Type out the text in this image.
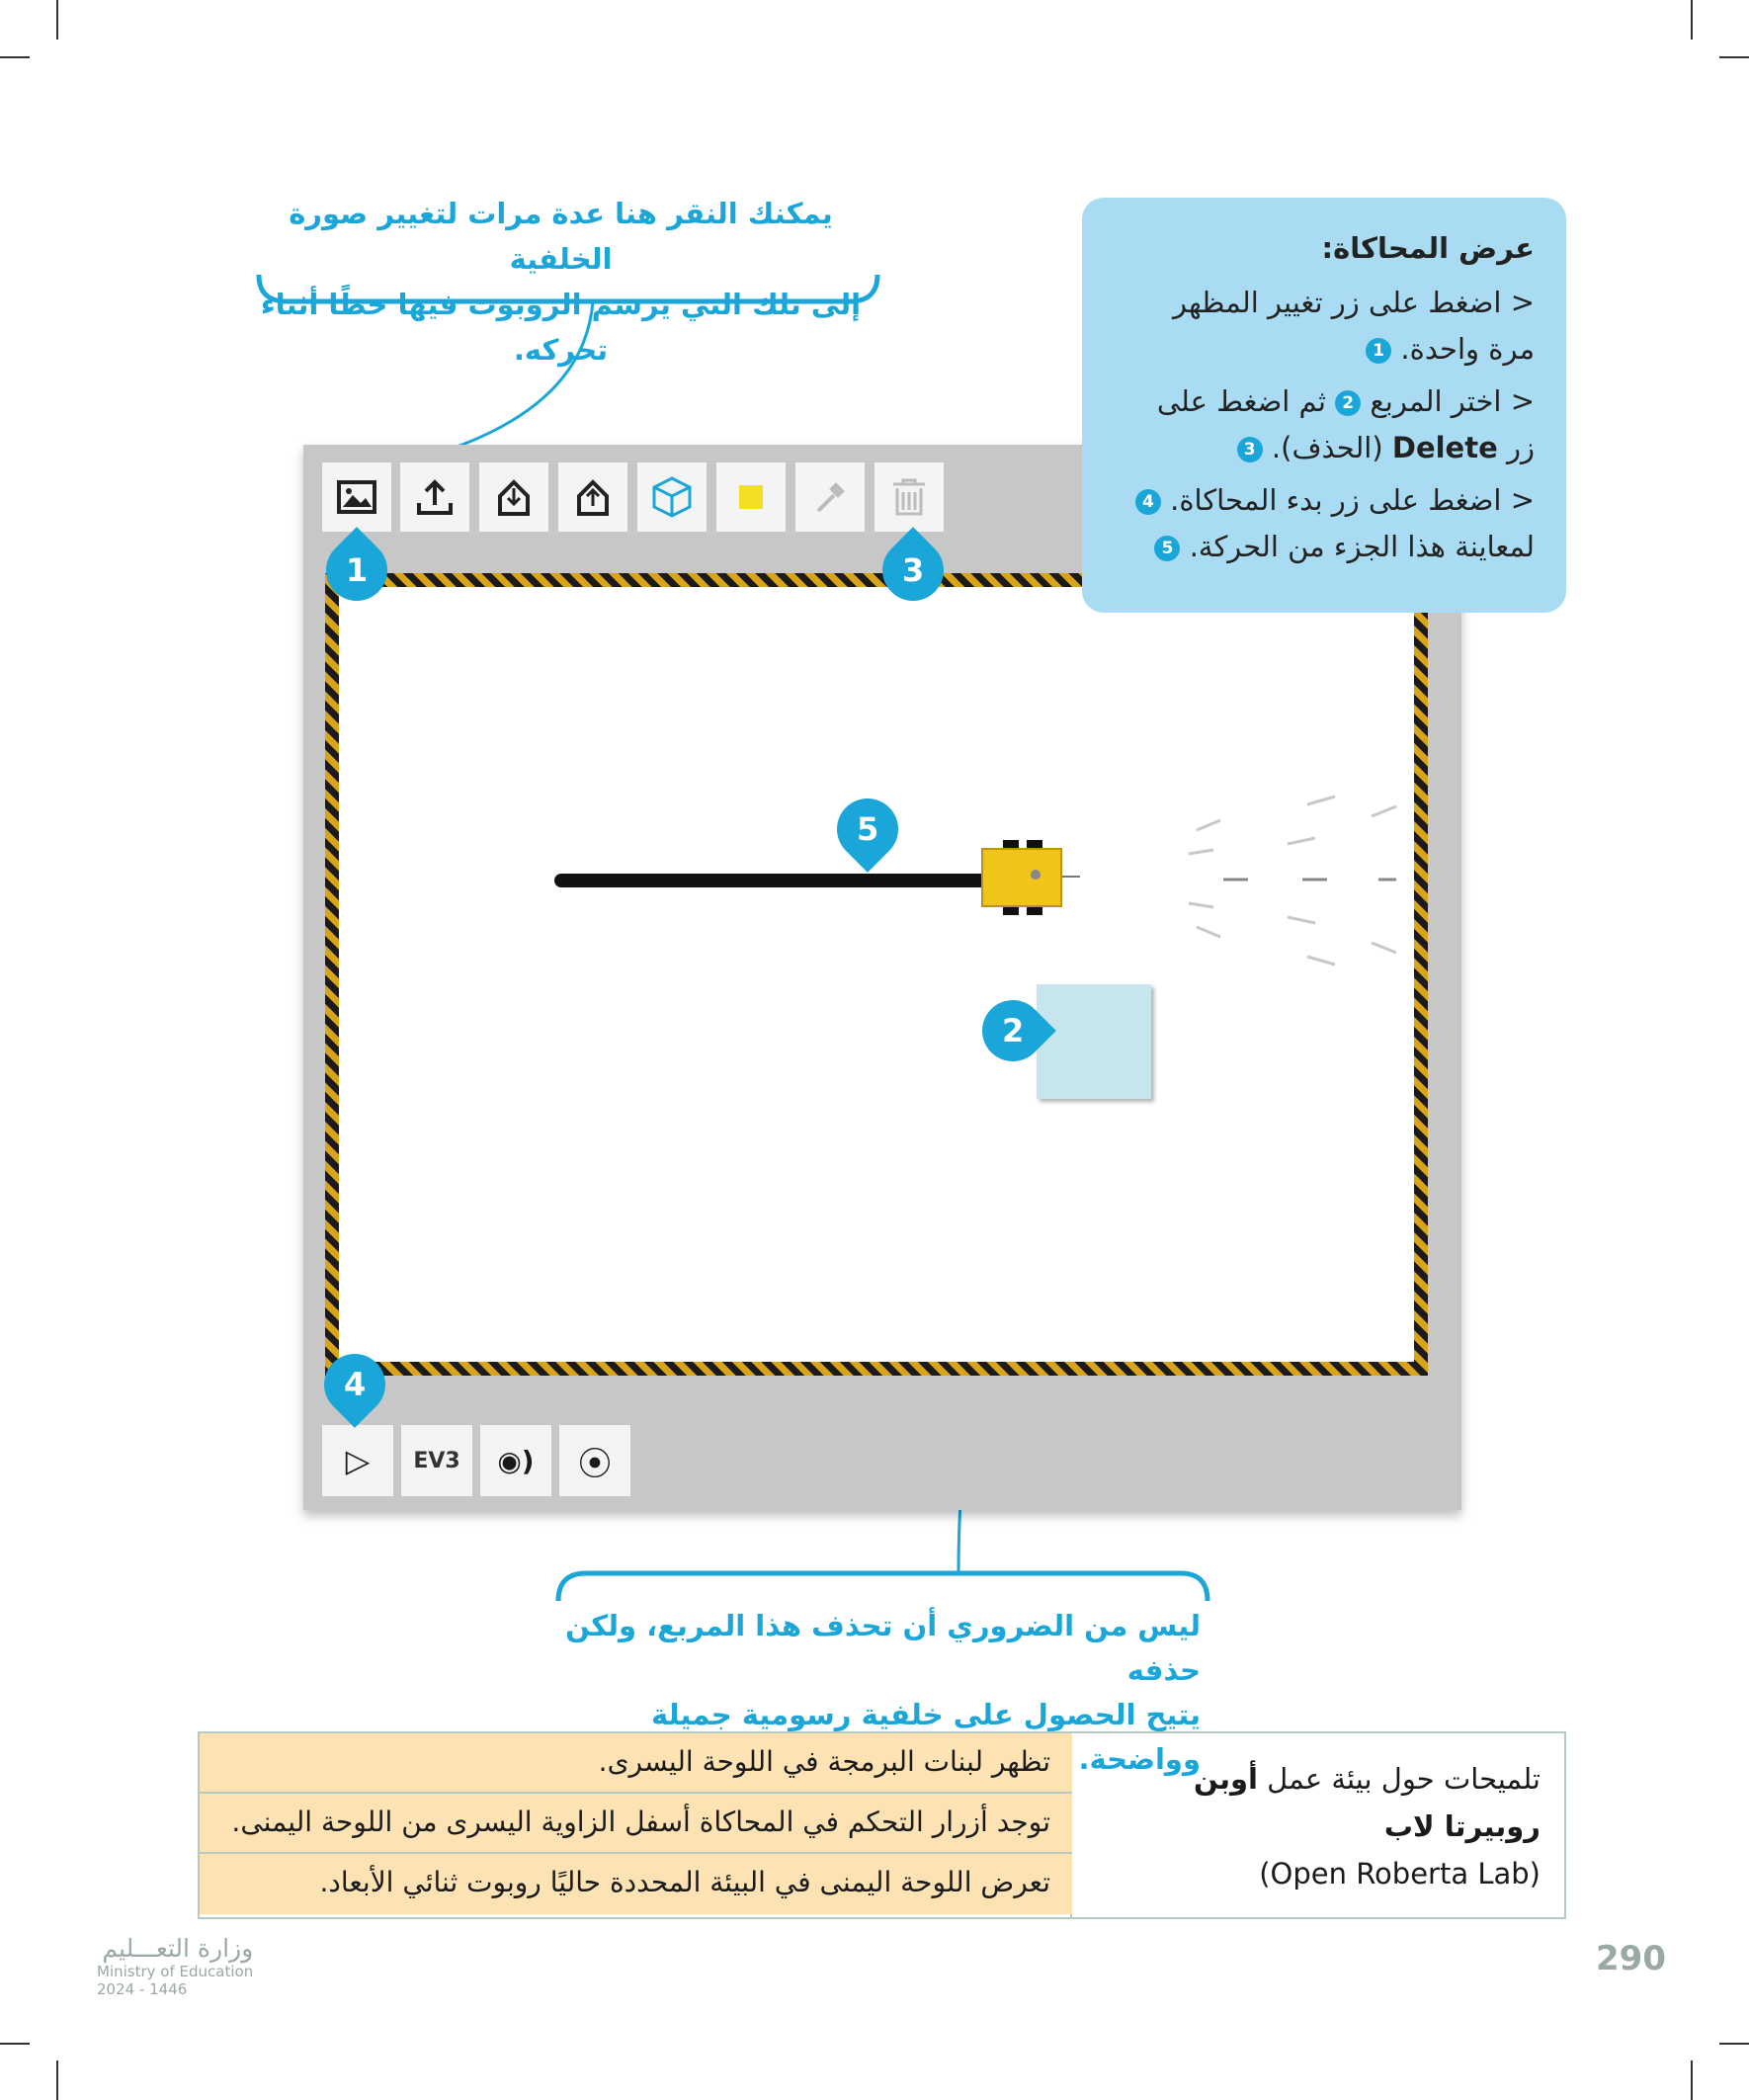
يمكنك النقر هنا عدة مرات لتغيير صورة الخلفية
إلى تلك التي يرسم الروبوت فيها خطًا أثناء تحركه.
▷ EV3 ◉) ⦿
عرض المحاكاة:
< اضغط على زر تغيير المظهر مرة واحدة. 1
< اختر المربع 2 ثم اضغط على زر Delete (الحذف). 3
< اضغط على زر بدء المحاكاة. 4
لمعاينة هذا الجزء من الحركة. 5
1	3
5
2
4
ليس من الضروري أن تحذف هذا المربع، ولكن حذفه
يتيح الحصول على خلفية رسومية جميلة وواضحة.
تلميحات حول بيئة عمل أوبن روبيرتا لاب
(Open Roberta Lab)
تظهر لبنات البرمجة في اللوحة اليسرى.
توجد أزرار التحكم في المحاكاة أسفل الزاوية اليسرى من اللوحة اليمنى.
تعرض اللوحة اليمنى في البيئة المحددة حاليًا روبوت ثنائي الأبعاد.
290
وزارة التعـــليم
Ministry of Education
2024 - 1446
